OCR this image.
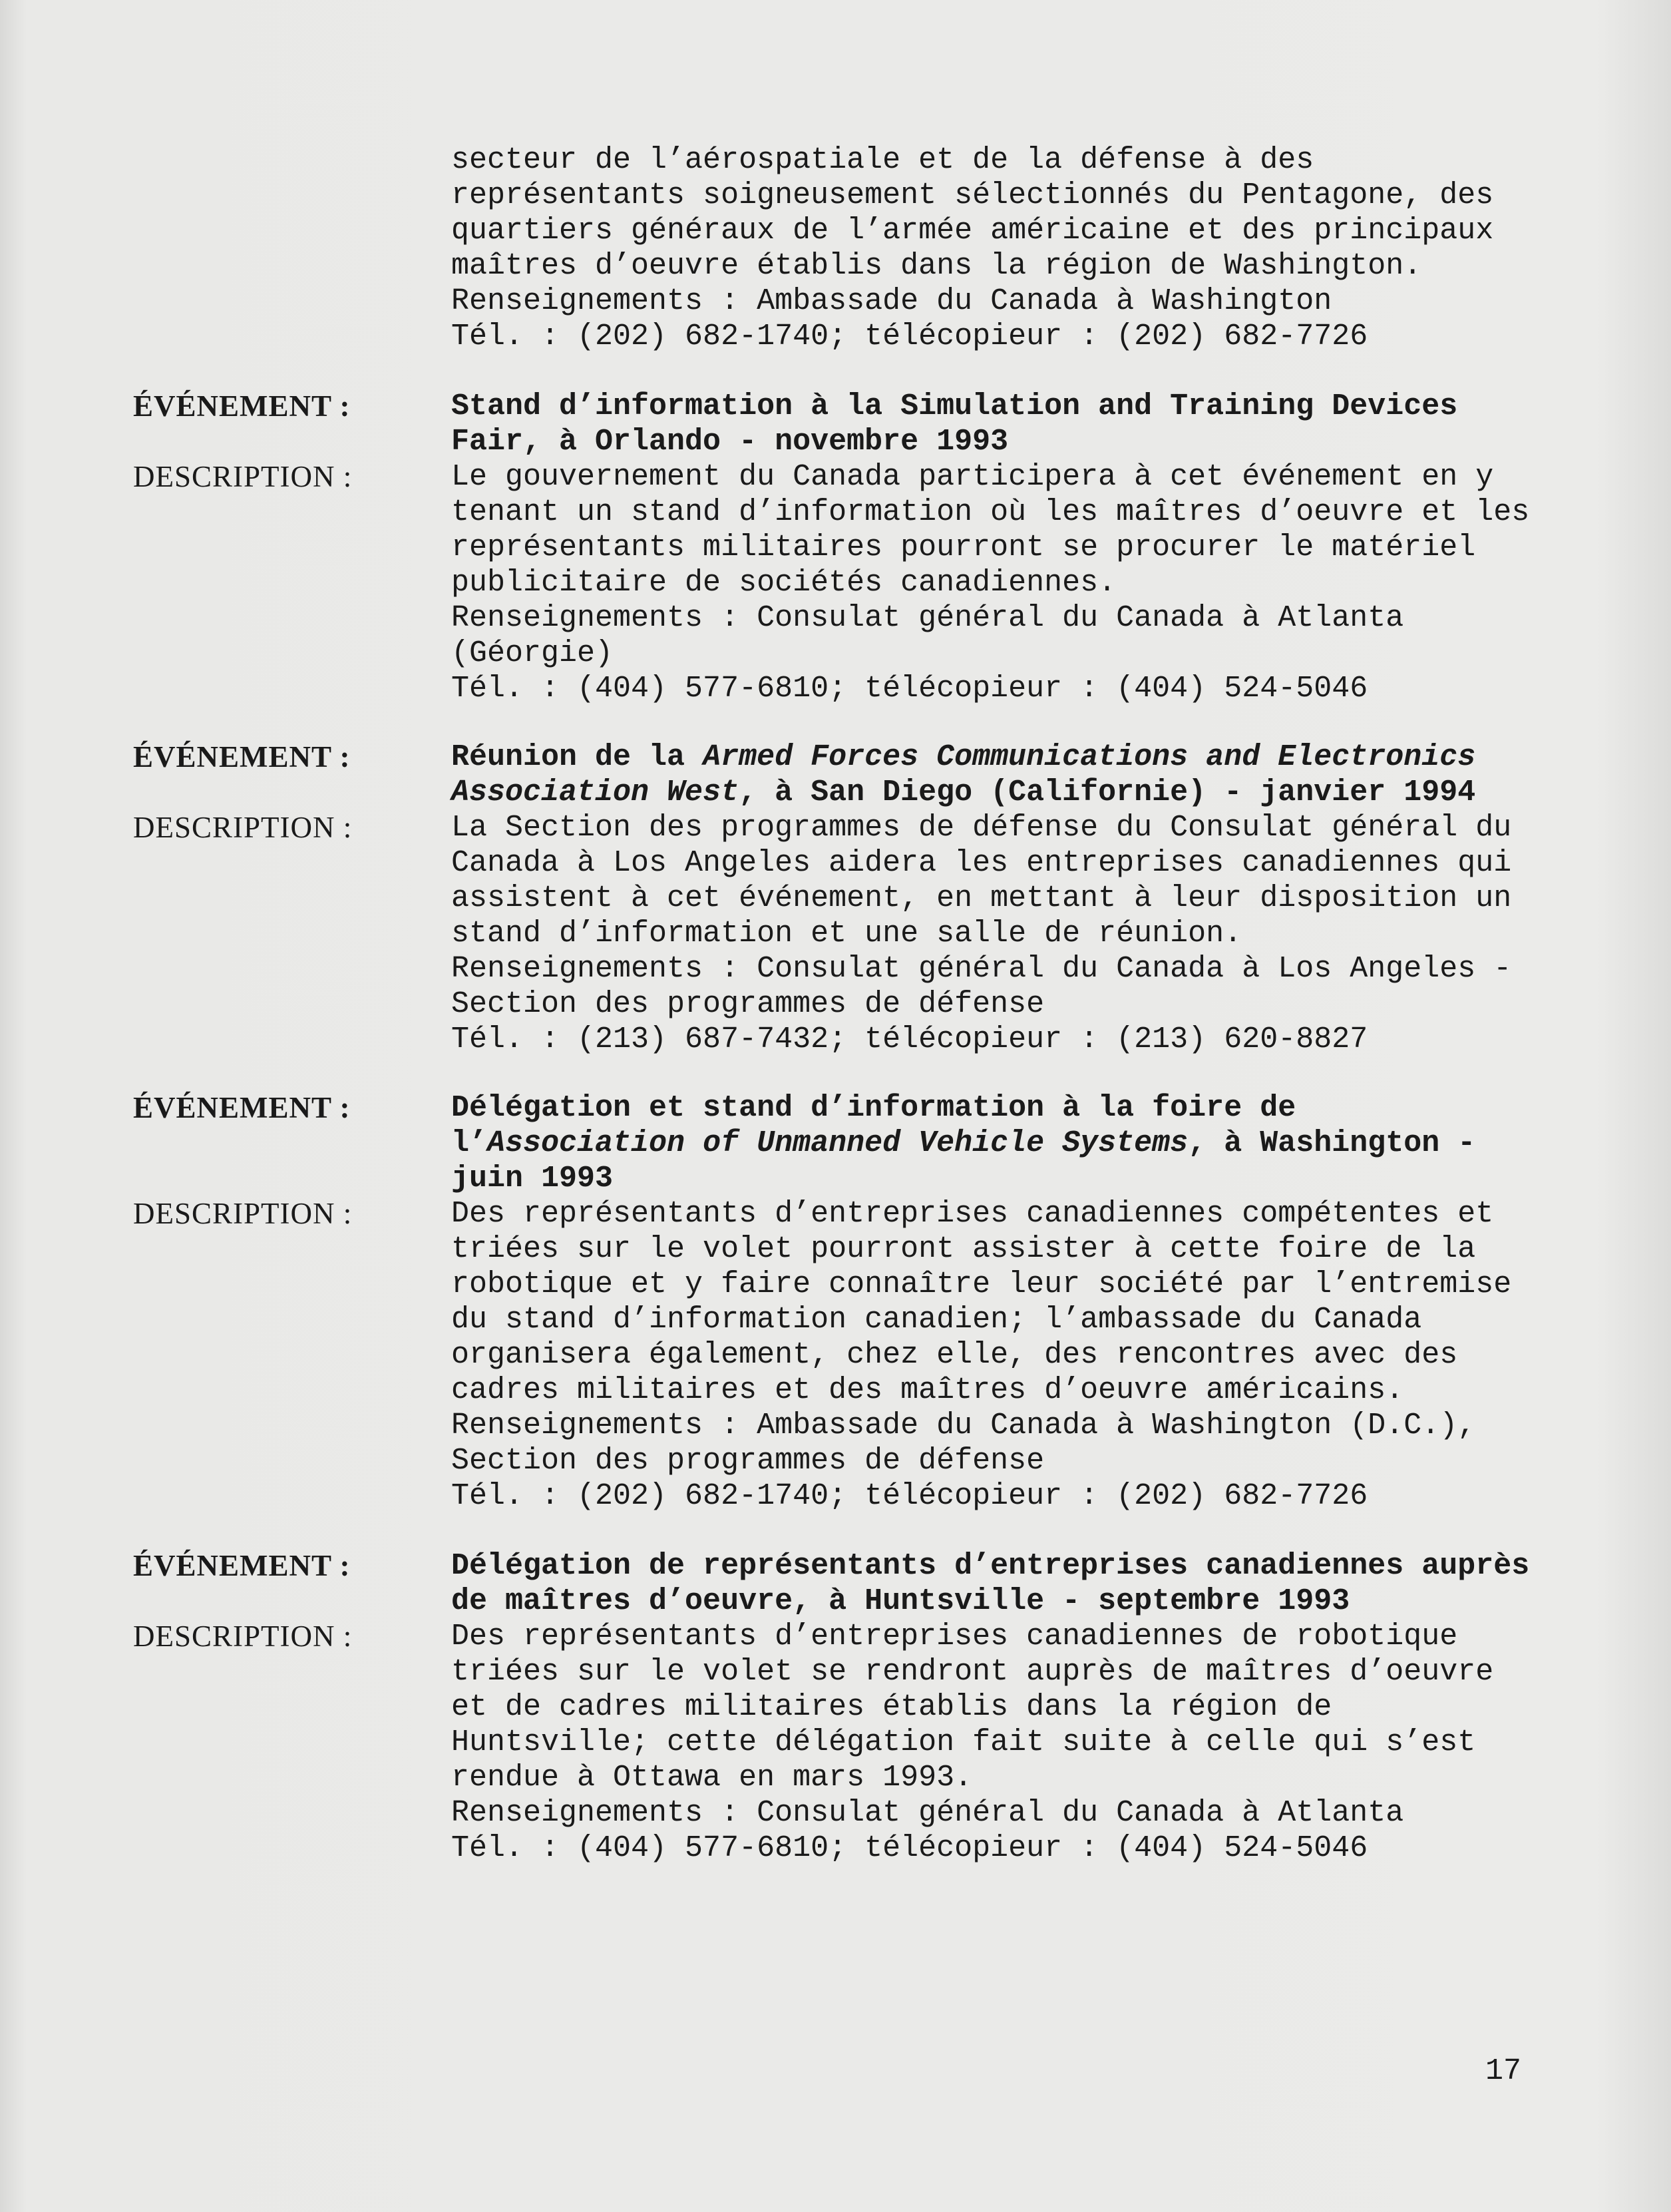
secteur de l’aérospatiale et de la défense à des
représentants soigneusement sélectionnés du Pentagone, des
quartiers généraux de l’armée américaine et des principaux
maîtres d’oeuvre établis dans la région de Washington.
Renseignements : Ambassade du Canada à Washington
Tél. : (202) 682-1740; télécopieur : (202) 682-7726
ÉVÉNEMENT :	Stand d’information à la Simulation and Training Devices
Fair, à Orlando - novembre 1993
DESCRIPTION :	Le gouvernement du Canada participera à cet événement en y
tenant un stand d’information où les maîtres d’oeuvre et les
représentants militaires pourront se procurer le matériel
publicitaire de sociétés canadiennes.
Renseignements : Consulat général du Canada à Atlanta
(Géorgie)
Tél. : (404) 577-6810; télécopieur : (404) 524-5046
ÉVÉNEMENT :	Réunion de la Armed Forces Communications and Electronics
Association West, à San Diego (Californie) - janvier 1994
DESCRIPTION :	La Section des programmes de défense du Consulat général du
Canada à Los Angeles aidera les entreprises canadiennes qui
assistent à cet événement, en mettant à leur disposition un
stand d’information et une salle de réunion.
Renseignements : Consulat général du Canada à Los Angeles -
Section des programmes de défense
Tél. : (213) 687-7432; télécopieur : (213) 620-8827
ÉVÉNEMENT :	Délégation et stand d’information à la foire de
l’Association of Unmanned Vehicle Systems, à Washington -
juin 1993
DESCRIPTION :	Des représentants d’entreprises canadiennes compétentes et
triées sur le volet pourront assister à cette foire de la
robotique et y faire connaître leur société par l’entremise
du stand d’information canadien; l’ambassade du Canada
organisera également, chez elle, des rencontres avec des
cadres militaires et des maîtres d’oeuvre américains.
Renseignements : Ambassade du Canada à Washington (D.C.),
Section des programmes de défense
Tél. : (202) 682-1740; télécopieur : (202) 682-7726
ÉVÉNEMENT :	Délégation de représentants d’entreprises canadiennes auprès
de maîtres d’oeuvre, à Huntsville - septembre 1993
DESCRIPTION :	Des représentants d’entreprises canadiennes de robotique
triées sur le volet se rendront auprès de maîtres d’oeuvre
et de cadres militaires établis dans la région de
Huntsville; cette délégation fait suite à celle qui s’est
rendue à Ottawa en mars 1993.
Renseignements : Consulat général du Canada à Atlanta
Tél. : (404) 577-6810; télécopieur : (404) 524-5046
17
